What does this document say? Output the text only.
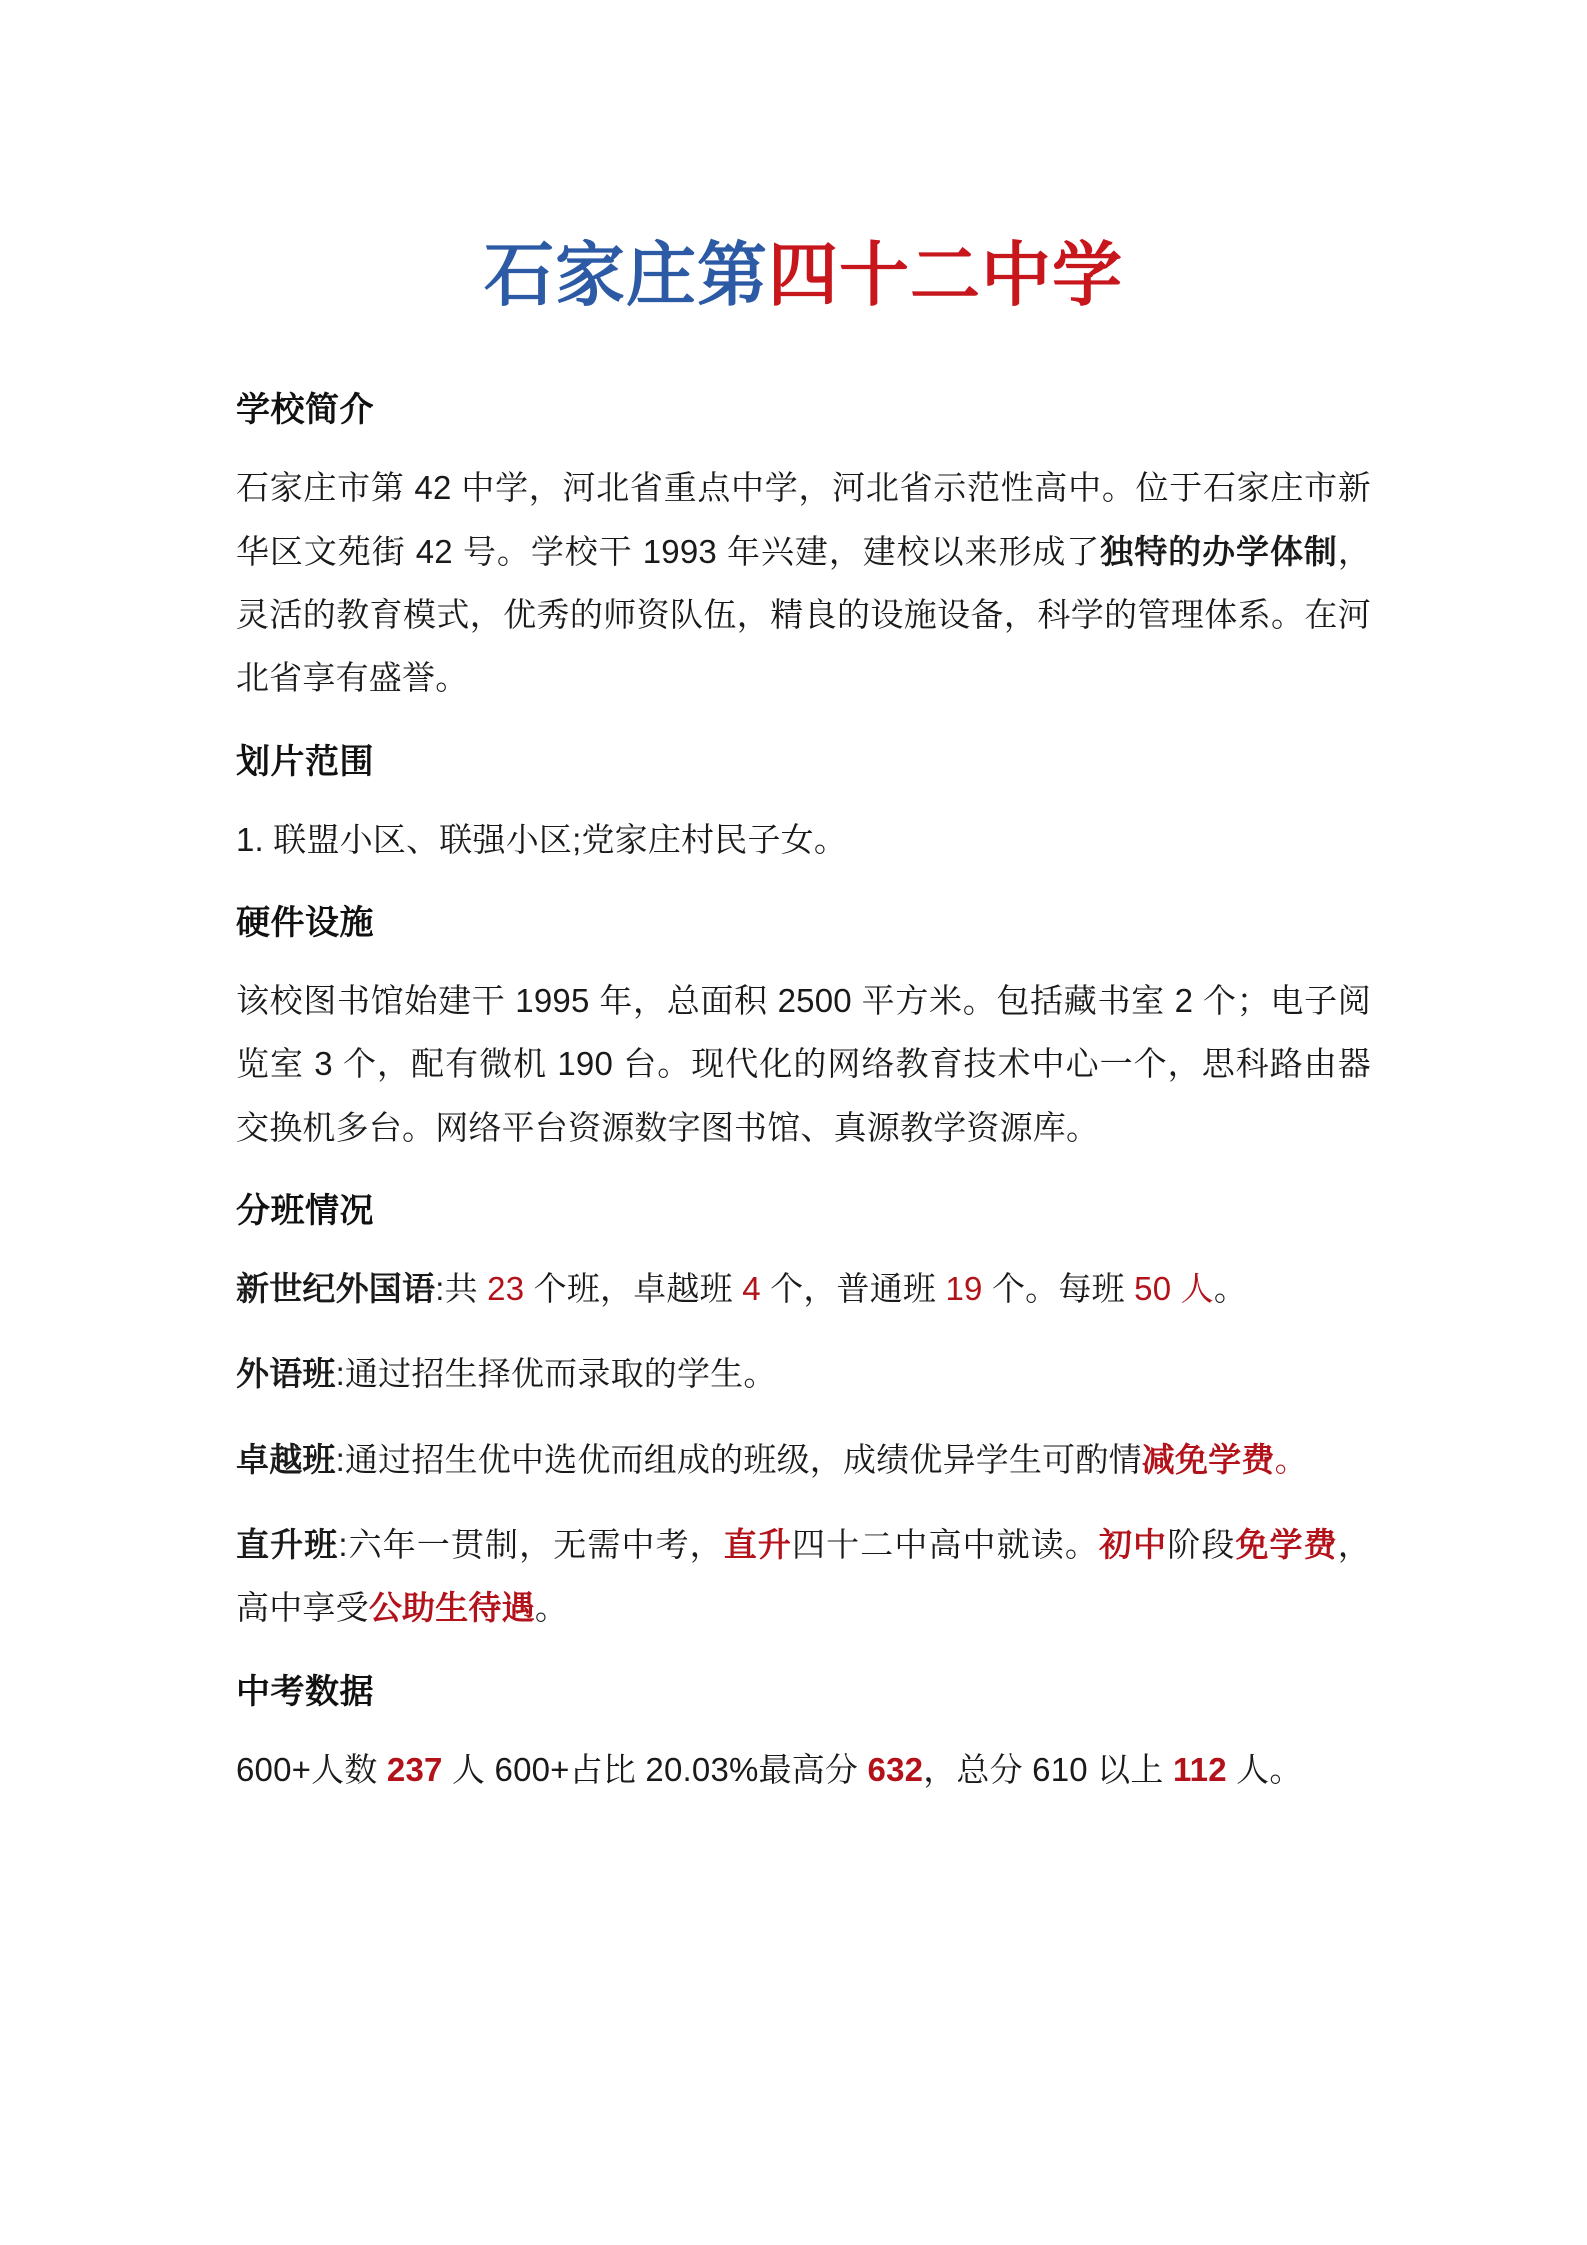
石家庄第四十二中学
学校简介

石家庄市第 42 中学，河北省重点中学，河北省示范性高中。位于石家庄市新华区文苑街 42 号。学校干 1993 年兴建，建校以来形成了独特的办学体制，灵活的教育模式，优秀的师资队伍，精良的设施设备，科学的管理体系。在河北省享有盛誉。

划片范围

1. 联盟小区、联强小区;党家庄村民子女。

硬件设施

该校图书馆始建干 1995 年，总面积 2500 平方米。包括藏书室 2 个；电子阅览室 3 个，配有微机 190 台。现代化的网络教育技术中心一个，思科路由器交换机多台。网络平台资源数字图书馆、真源教学资源库。

分班情况

新世纪外国语:共 23 个班，卓越班 4 个，普通班 19 个。每班 50 人。

外语班:通过招生择优而录取的学生。

卓越班:通过招生优中选优而组成的班级，成绩优异学生可酌情减免学费。

直升班:六年一贯制，无需中考，直升四十二中高中就读。初中阶段免学费，高中享受公助生待遇。

中考数据

600+人数 237 人 600+占比 20.03%最高分 632，总分 610 以上 112 人。
